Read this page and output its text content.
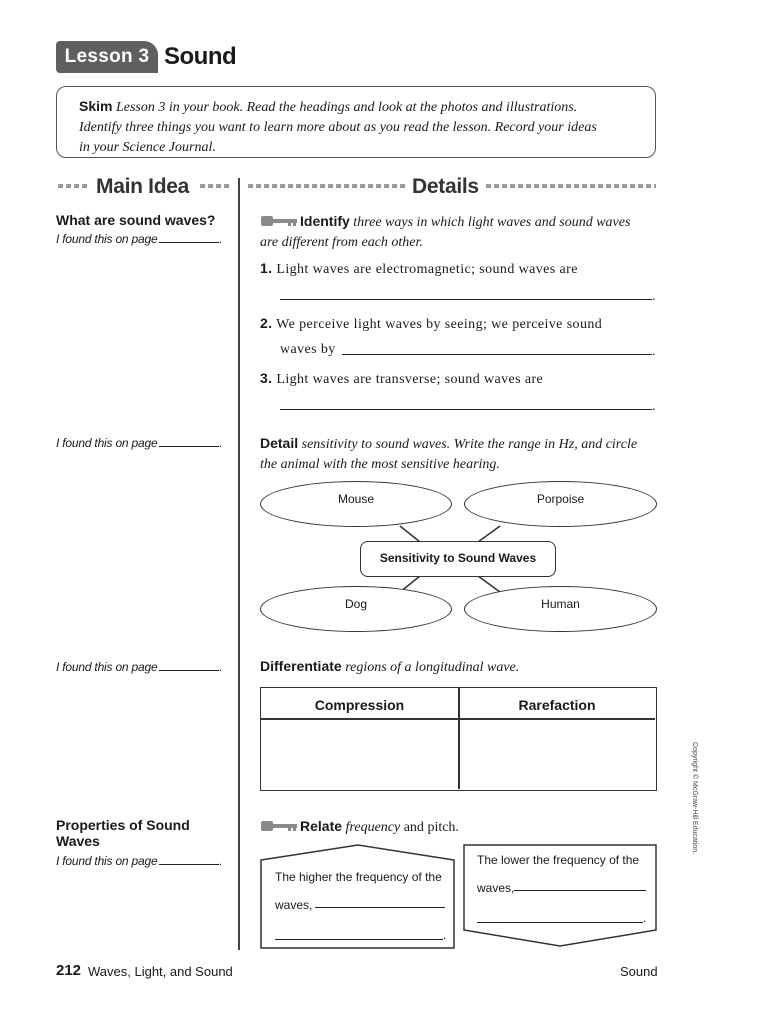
Lesson 3 Sound
Skim Lesson 3 in your book. Read the headings and look at the photos and illustrations.
Identify three things you want to learn more about as you read the lesson. Record your ideas
in your Science Journal.
Main Idea	Details
What are sound waves?
I found this on page	.
I found this on page	.
I found this on page	.
Properties of Sound
Waves
I found this on page	.
Identify three ways in which light waves and sound waves
are different from each other.
1. Light waves are electromagnetic; sound waves are
.
2. We perceive light waves by seeing; we perceive sound
waves by	.
3. Light waves are transverse; sound waves are
.
Detail sensitivity to sound waves. Write the range in Hz, and circle
the animal with the most sensitive hearing.
Mouse	Porpoise
Sensitivity to Sound Waves
Dog	Human
Differentiate regions of a longitudinal wave.
Compression	Rarefaction
Copyright © McGraw-Hill Education.
Relate frequency and pitch.
The higher the frequency of the
waves,
.
The lower the frequency of the
waves,
.
212 Waves, Light, and Sound	Sound
